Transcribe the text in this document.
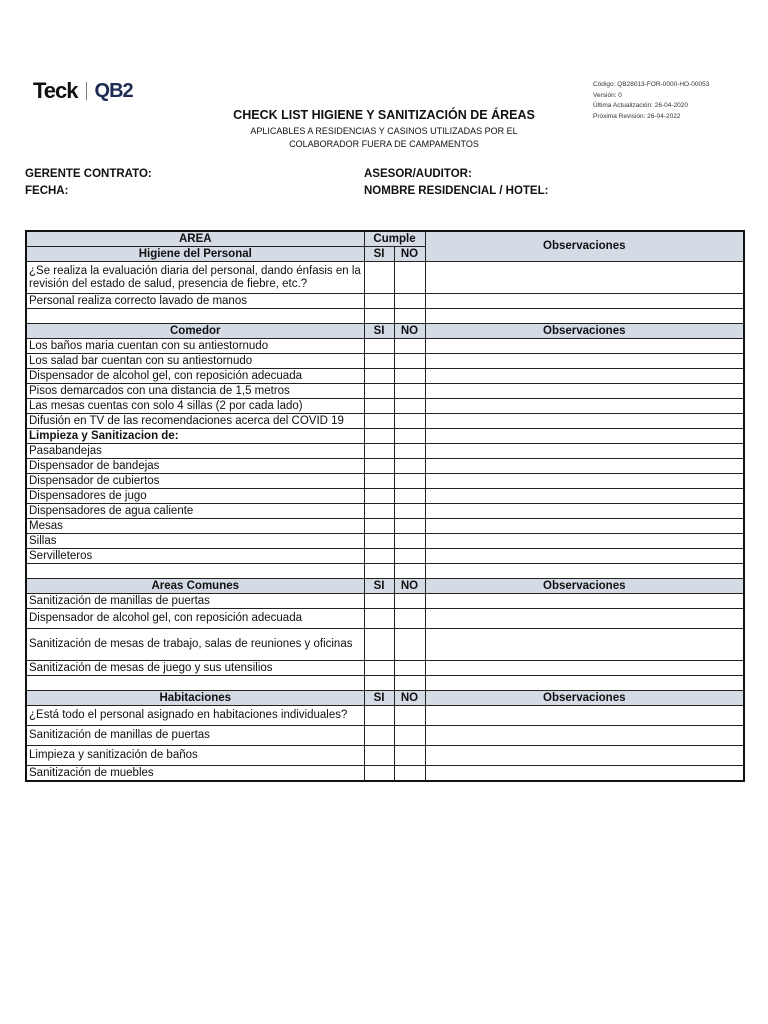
Teck QB2	Código: QB28013-FOR-0000-HO-00053
Versión: 0
Última Actualización: 26-04-2020
Próxima Revisión: 26-04-2022
CHECK LIST HIGIENE Y SANITIZACIÓN DE ÁREAS
APLICABLES A RESIDENCIAS Y CASINOS UTILIZADAS POR EL
COLABORADOR FUERA DE CAMPAMENTOS
GERENTE CONTRATO:
FECHA:
ASESOR/AUDITOR:
NOMBRE RESIDENCIAL / HOTEL:
AREA	Cumple		Observaciones
Higiene del Personal	SI	NO	
¿Se realiza la evaluación diaria del personal, dando énfasis en la revisión del estado de salud, presencia de fiebre, etc.?			
Personal realiza correcto lavado de manos			

Comedor	SI	NO	Observaciones
Los baños maria cuentan con su antiestornudo			
Los salad bar cuentan con su antiestornudo			
Dispensador de alcohol gel, con reposición adecuada			
Pisos demarcados con una distancia de 1,5 metros			
Las mesas cuentas con solo 4 sillas (2 por cada lado)			
Difusión en TV de las recomendaciones acerca del COVID 19			
Limpieza y Sanitizacion de:			
Pasabandejas			
Dispensador de bandejas			
Dispensador de cubiertos			
Dispensadores de jugo			
Dispensadores de agua caliente			
Mesas			
Sillas			
Servilleteros			

Areas Comunes	SI	NO	Observaciones
Sanitización de manillas de puertas			
Dispensador de alcohol gel, con reposición adecuada			
Sanitización de mesas de trabajo, salas de reuniones y oficinas			
Sanitización de mesas de juego y sus utensilios			

Habitaciones	SI	NO	Observaciones
¿Está todo el personal asignado en habitaciones individuales?			
Sanitización de manillas de puertas			
Limpieza y sanitización de baños			
Sanitización de muebles			
